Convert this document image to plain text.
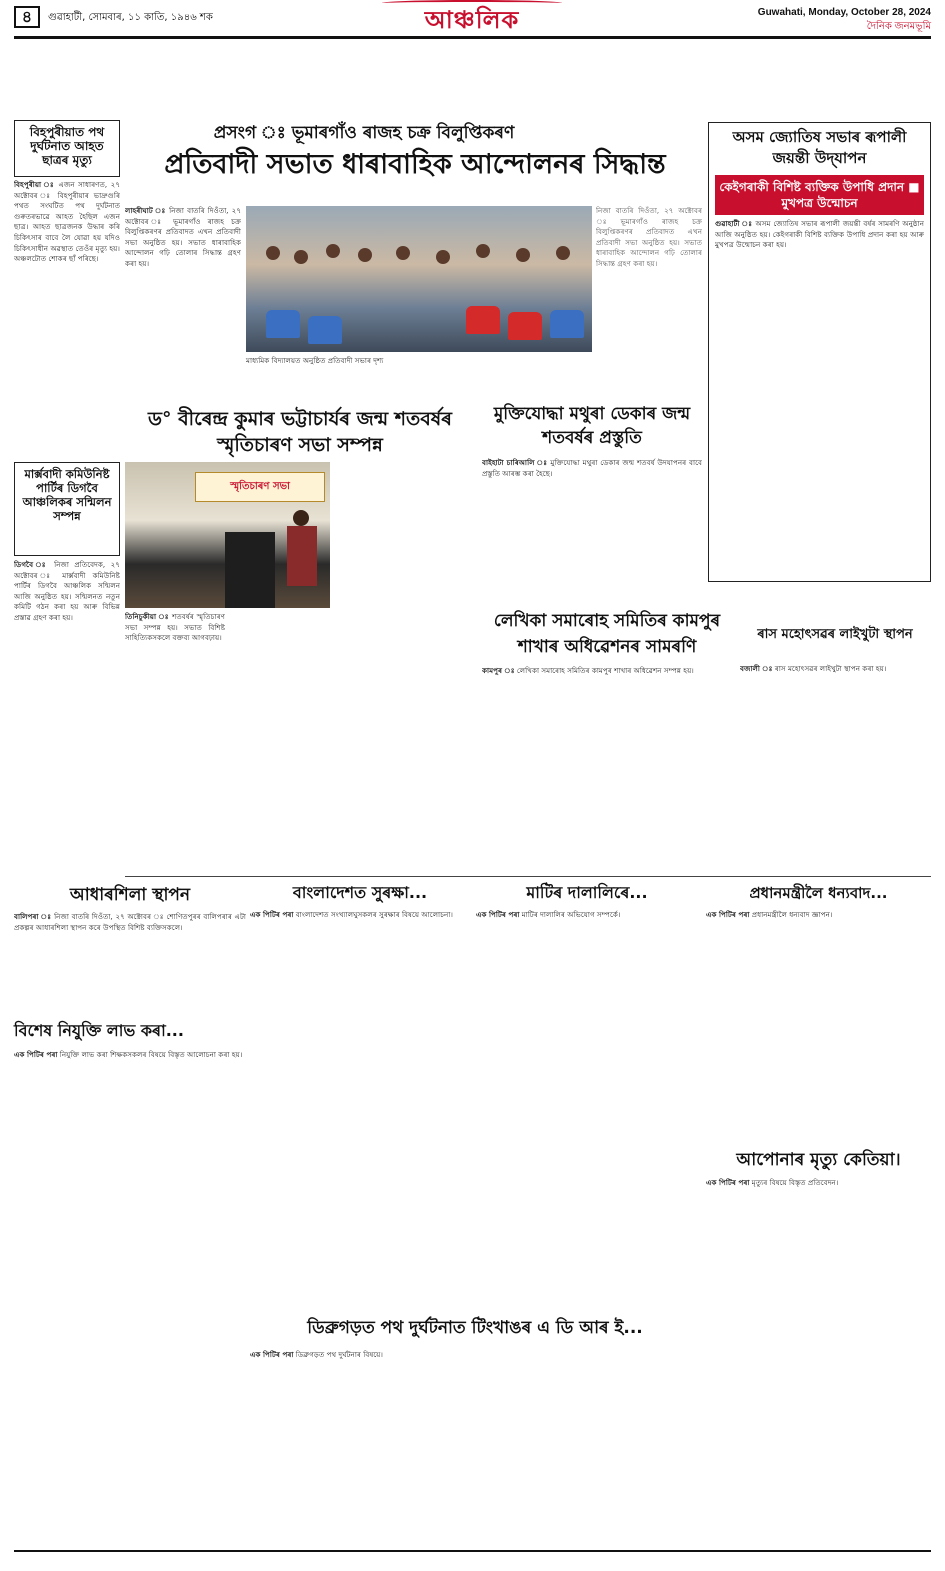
৪	গুৱাহাটী, সোমবাৰ, ১১ কাতি, ১৯৪৬ শক	আঞ্চলিক	Guwahati, Monday, October 28, 2024
দৈনিক জনমভূমি
বিহপুৰীয়াত পথ দুৰ্ঘটনাত আহত ছাত্ৰৰ মৃত্যু
বিহপুৰীয়া ঃ এজন সাধাৰণত, ২৭ অক্টোবৰ ঃ বিহপুৰীয়াৰ ভাদ্ৰুগুৰি পথত সংঘটিত পথ দুৰ্ঘটনাত গুৰুতৰভাৱে আহত হৈছিল এজন ছাত্ৰ। আহত ছাত্ৰজনক উদ্ধাৰ কৰি চিকিৎসাৰ বাবে লৈ যোৱা হয় যদিও চিকিৎসাধীন অৱস্থাত তেওঁৰ মৃত্যু হয়। অঞ্চলটোত শোকৰ ছাঁ পৰিছে।
মাৰ্ক্সবাদী কমিউনিষ্ট পাৰ্টিৰ ডিগবৈ আঞ্চলিকৰ সন্মিলন সম্পন্ন
ডিগবৈ ঃ নিজা প্ৰতিবেদক, ২৭ অক্টোবৰ ঃ মাৰ্ক্সবাদী কমিউনিষ্ট পাৰ্টিৰ ডিগবৈ আঞ্চলিক সন্মিলন আজি অনুষ্ঠিত হয়। সন্মিলনত নতুন কমিটি গঠন কৰা হয় আৰু বিভিন্ন প্ৰস্তাৱ গ্ৰহণ কৰা হয়।
প্ৰসংগ ঃ ভূমাৰগাঁও ৰাজহ চক্ৰ বিলুপ্তিকৰণ
প্ৰতিবাদী সভাত ধাৰাবাহিক আন্দোলনৰ সিদ্ধান্ত
লাহৰীঘাট ঃ নিজা বাতৰি দিওঁতা, ২৭ অক্টোবৰ ঃ ভূমাৰগাঁও ৰাজহ চক্ৰ বিলুপ্তিকৰণৰ প্ৰতিবাদত এখন প্ৰতিবাদী সভা অনুষ্ঠিত হয়। সভাত ধাৰাবাহিক আন্দোলন গঢ়ি তোলাৰ সিদ্ধান্ত গ্ৰহণ কৰা হয়।
মাধ্যমিক বিদ্যালয়ত অনুষ্ঠিত প্ৰতিবাদী সভাৰ দৃশ্য
নিজা বাতৰি দিওঁতা, ২৭ অক্টোবৰ ঃ ভূমাৰগাঁও ৰাজহ চক্ৰ বিলুপ্তিকৰণৰ প্ৰতিবাদত এখন প্ৰতিবাদী সভা অনুষ্ঠিত হয়। সভাত ধাৰাবাহিক আন্দোলন গঢ়ি তোলাৰ সিদ্ধান্ত গ্ৰহণ কৰা হয়।
ড° বীৰেন্দ্ৰ কুমাৰ ভট্টাচাৰ্যৰ জন্ম শতবৰ্ষৰ স্মৃতিচাৰণ সভা সম্পন্ন
স্মৃতিচাৰণ সভা
তিনিচুকীয়া ঃ শতবৰ্ষৰ স্মৃতিচাৰণ সভা সম্পন্ন হয়। সভাত বিশিষ্ট সাহিত্যিকসকলে বক্তব্য আগবঢ়ায়।
মুক্তিযোদ্ধা মথুৰা ডেকাৰ জন্ম শতবৰ্ষৰ প্ৰস্তুতি
বাইহাটা চাৰিআলি ঃ মুক্তিযোদ্ধা মথুৰা ডেকাৰ জন্ম শতবৰ্ষ উদযাপনৰ বাবে প্ৰস্তুতি আৰম্ভ কৰা হৈছে।
লেখিকা সমাৰোহ সমিতিৰ কামপুৰ শাখাৰ অধিৱেশনৰ সামৰণি
কামপুৰ ঃ লেখিকা সমাৰোহ সমিতিৰ কামপুৰ শাখাৰ অধিৱেশন সম্পন্ন হয়।
অসম জ্যোতিষ সভাৰ ৰূপালী জয়ন্তী উদ্‌যাপন
কেইগৰাকী বিশিষ্ট ব্যক্তিক উপাধি প্ৰদান ■ মুখপত্ৰ উন্মোচন
গুৱাহাটী ঃ অসম জ্যোতিষ সভাৰ ৰূপালী জয়ন্তী বৰ্ষৰ সামৰণি অনুষ্ঠান আজি অনুষ্ঠিত হয়। কেইগৰাকী বিশিষ্ট ব্যক্তিক উপাধি প্ৰদান কৰা হয় আৰু মুখপত্ৰ উন্মোচন কৰা হয়।
ৰাস মহোৎসৱৰ লাইখুটা স্থাপন
বজালী ঃ ৰাস মহোৎসৱৰ লাইখুটা স্থাপন কৰা হয়।
আধাৰশিলা স্থাপন
বালিপৰা ঃ নিজা বাতৰি দিওঁতা, ২৭ অক্টোবৰ ঃ শোণিতপুৰৰ বালিপৰাৰ এটা প্ৰকল্পৰ আধাৰশিলা স্থাপন কৰে উপস্থিত বিশিষ্ট ব্যক্তিসকলে।
বিশেষ নিযুক্তি লাভ কৰা...
এক পিটিৰ পৰা নিযুক্তি লাভ কৰা শিক্ষকসকলৰ বিষয়ে বিস্তৃত আলোচনা কৰা হয়।
বাংলাদেশত সুৰক্ষা...
এক পিটিৰ পৰা বাংলাদেশত সংখ্যালঘুসকলৰ সুৰক্ষাৰ বিষয়ে আলোচনা।
মাটিৰ দালালিৰে...
এক পিটিৰ পৰা মাটিৰ দালালিৰ অভিযোগ সম্পৰ্কে।
প্ৰধানমন্ত্ৰীলৈ ধন্যবাদ...
এক পিটিৰ পৰা প্ৰধানমন্ত্ৰীলৈ ধন্যবাদ জ্ঞাপন।
আপোনাৰ মৃত্যু কেতিয়া।
এক পিটিৰ পৰা মৃত্যুৰ বিষয়ে বিস্তৃত প্ৰতিবেদন।
ডিব্ৰুগড়ত পথ দুৰ্ঘটনাত টিংখাঙৰ এ ডি আৰ ই...
এক পিটিৰ পৰা ডিব্ৰুগড়ত পথ দুৰ্ঘটনাৰ বিষয়ে।
